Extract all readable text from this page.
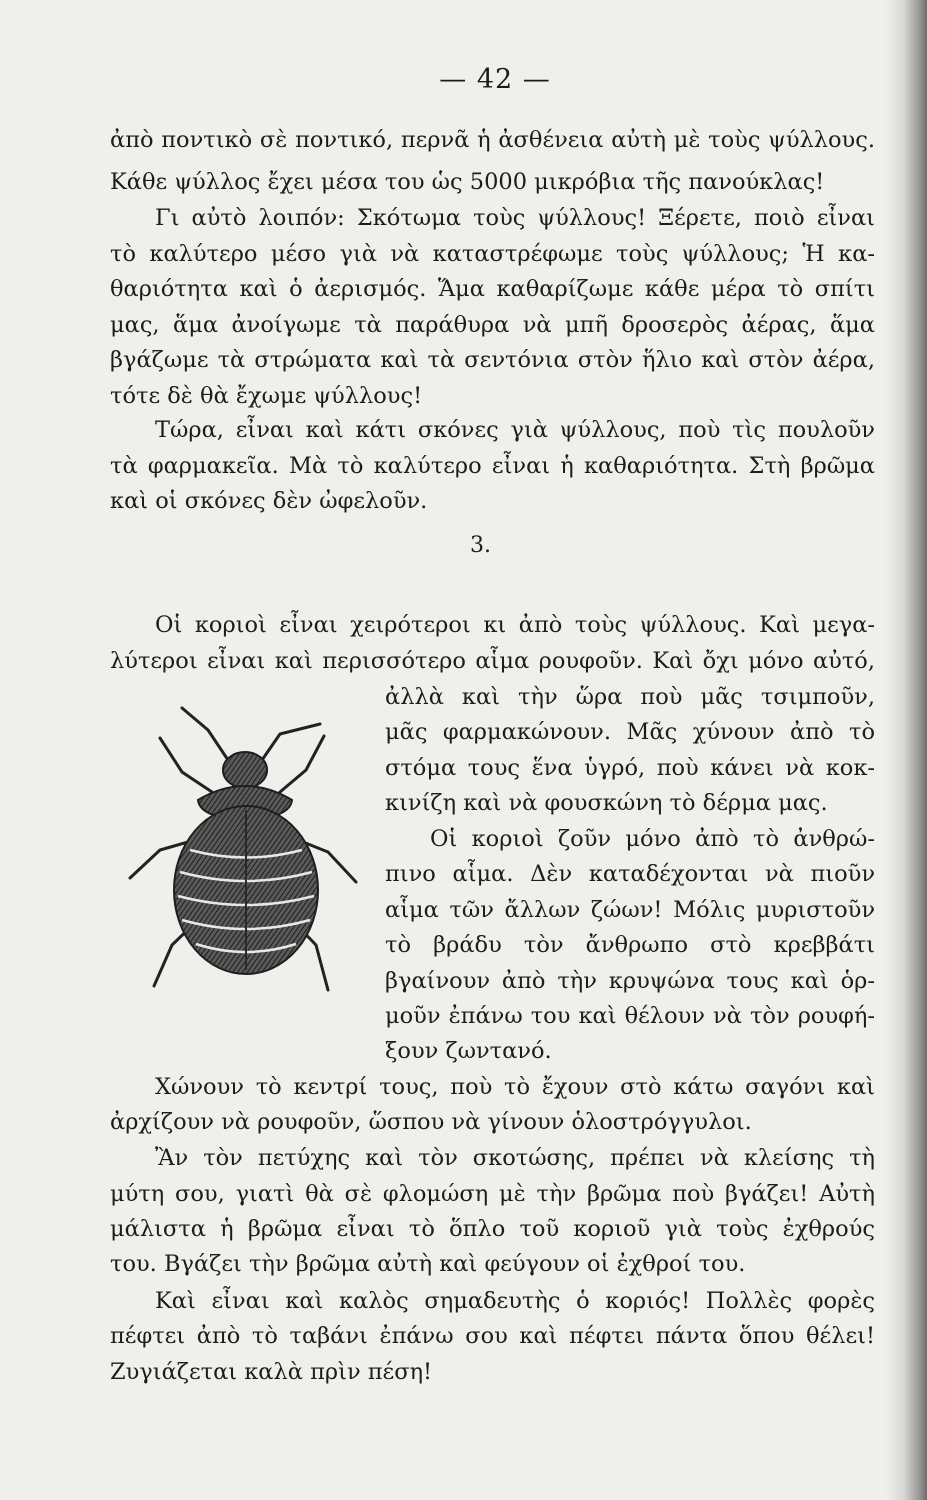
— 42 —
ἀπὸ ποντικὸ σὲ ποντικό, περνᾶ ἡ ἀσθένεια αὐτὴ μὲ τοὺς ψύλλους.
Κάθε ψύλλος ἔχει μέσα του ὡς 5000 μικρόβια τῆς πανούκλας!
Γι αὐτὸ λοιπόν: Σκότωμα τοὺς ψύλλους! Ξέρετε, ποιὸ εἶναι
τὸ καλύτερο μέσο γιὰ νὰ καταστρέφωμε τοὺς ψύλλους; Ἡ κα-
θαριότητα καὶ ὁ ἀερισμός. Ἅμα καθαρίζωμε κάθε μέρα τὸ σπίτι
μας, ἅμα ἀνοίγωμε τὰ παράθυρα νὰ μπῆ δροσερὸς ἀέρας, ἅμα
βγάζωμε τὰ στρώματα καὶ τὰ σεντόνια στὸν ἥλιο καὶ στὸν ἀέρα,
τότε δὲ θὰ ἔχωμε ψύλλους!
Τώρα, εἶναι καὶ κάτι σκόνες γιὰ ψύλλους, ποὺ τὶς πουλοῦν
τὰ φαρμακεῖα. Μὰ τὸ καλύτερο εἶναι ἡ καθαριότητα. Στὴ βρῶμα
καὶ οἱ σκόνες δὲν ὠφελοῦν.
3.
Οἱ κοριοὶ εἶναι χειρότεροι κι ἀπὸ τοὺς ψύλλους. Καὶ μεγα-
λύτεροι εἶναι καὶ περισσότερο αἷμα ρουφοῦν. Καὶ ὄχι μόνο αὐτό,
ἀλλὰ καὶ τὴν ὥρα ποὺ μᾶς τσιμποῦν,
μᾶς φαρμακώνουν. Μᾶς χύνουν ἀπὸ τὸ
στόμα τους ἕνα ὑγρό, ποὺ κάνει νὰ κοκ-
κινίζη καὶ νὰ φουσκώνη τὸ δέρμα μας.
Οἱ κοριοὶ ζοῦν μόνο ἀπὸ τὸ ἀνθρώ-
πινο αἷμα. Δὲν καταδέχονται νὰ πιοῦν
αἷμα τῶν ἄλλων ζώων! Μόλις μυριστοῦν
τὸ βράδυ τὸν ἄνθρωπο στὸ κρεββάτι
βγαίνουν ἀπὸ τὴν κρυψώνα τους καὶ ὁρ-
μοῦν ἐπάνω του καὶ θέλουν νὰ τὸν ρουφή-
ξουν ζωντανό.
Χώνουν τὸ κεντρί τους, ποὺ τὸ ἔχουν στὸ κάτω σαγόνι καὶ
ἀρχίζουν νὰ ρουφοῦν, ὥσπου νὰ γίνουν ὁλοστρόγγυλοι.
Ἂν τὸν πετύχης καὶ τὸν σκοτώσης, πρέπει νὰ κλείσης τὴ
μύτη σου, γιατὶ θὰ σὲ φλομώση μὲ τὴν βρῶμα ποὺ βγάζει! Αὐτὴ
μάλιστα ἡ βρῶμα εἶναι τὸ ὅπλο τοῦ κοριοῦ γιὰ τοὺς ἐχθρούς
του. Βγάζει τὴν βρῶμα αὐτὴ καὶ φεύγουν οἱ ἐχθροί του.
Καὶ εἶναι καὶ καλὸς σημαδευτὴς ὁ κοριός! Πολλὲς φορὲς
πέφτει ἀπὸ τὸ ταβάνι ἐπάνω σου καὶ πέφτει πάντα ὅπου θέλει!
Ζυγιάζεται καλὰ πρὶν πέση!
